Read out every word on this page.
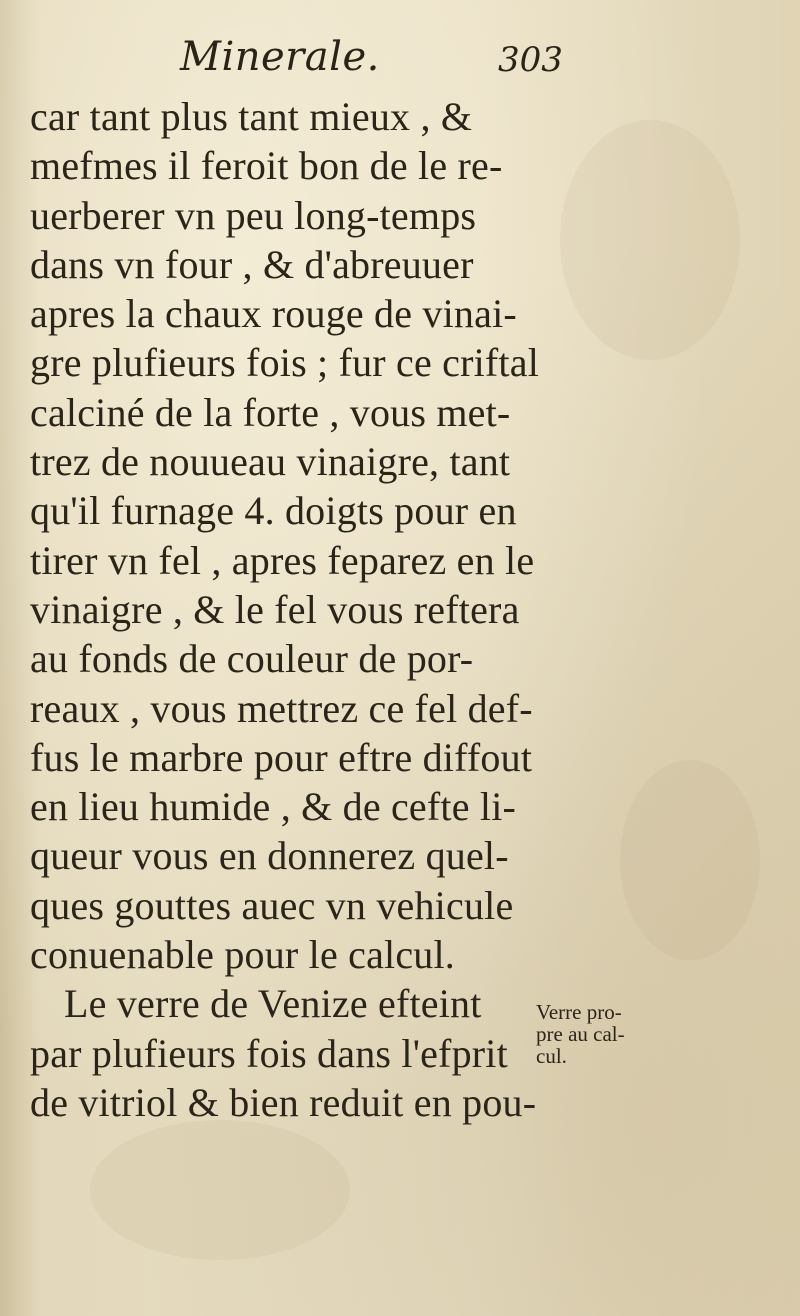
Minerale.	303
car tant plus tant mieux , &
mefmes il feroit bon de le re-
uerberer vn peu long-temps
dans vn four , & d'abreuuer
apres la chaux rouge de vinai-
gre plufieurs fois ; fur ce criftal
calciné de la forte , vous met-
trez de nouueau vinaigre, tant
qu'il furnage 4. doigts pour en
tirer vn fel , apres feparez en le
vinaigre , & le fel vous reftera
au fonds de couleur de por-
reaux , vous mettrez ce fel def-
fus le marbre pour eftre diffout
en lieu humide , & de cefte li-
queur vous en donnerez quel-
ques gouttes auec vn vehicule
conuenable pour le calcul.
Le verre de Venize efteint
par plufieurs fois dans l'efprit
de vitriol & bien reduit en pou-
Verre pro-
pre au cal-
cul.
